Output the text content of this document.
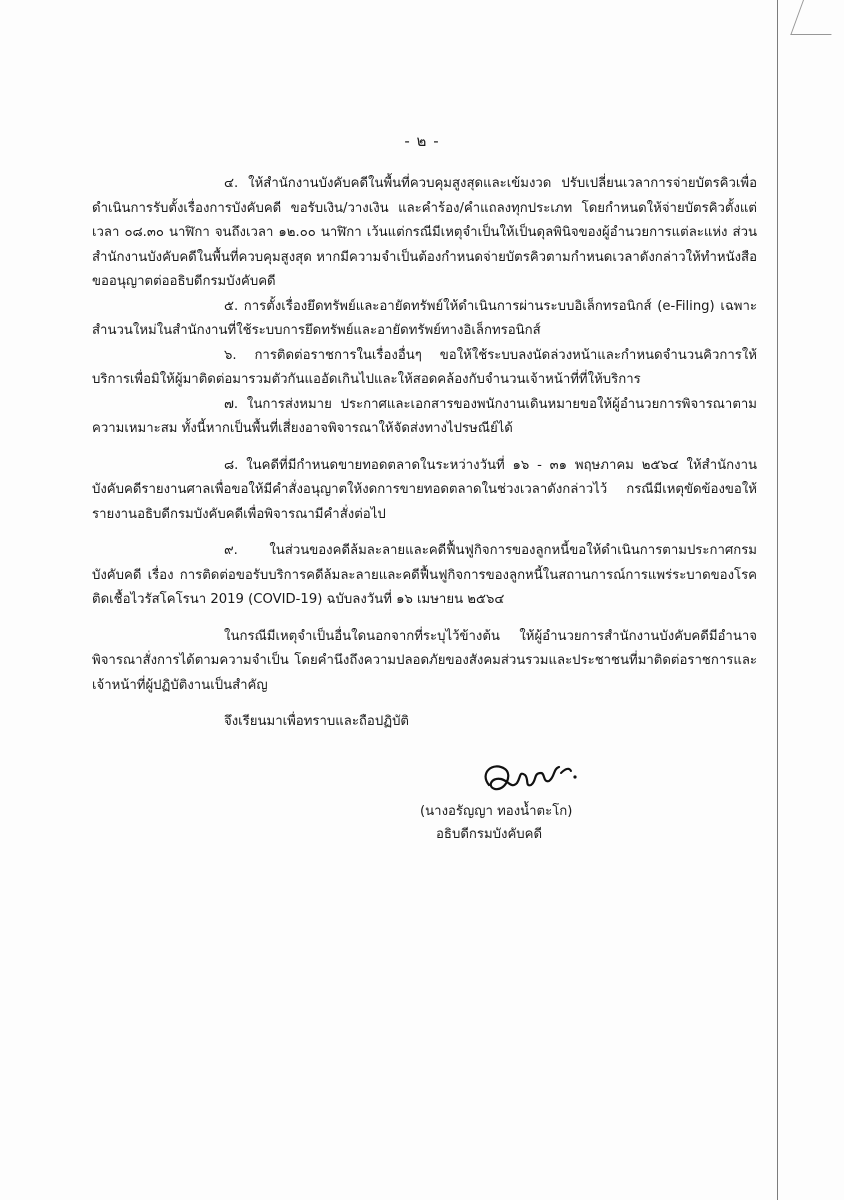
- ๒ -

๔. ให้สำนักงานบังคับคดีในพื้นที่ควบคุมสูงสุดและเข้มงวด ปรับเปลี่ยนเวลาการจ่ายบัตรคิวเพื่อดำเนินการรับตั้งเรื่องการบังคับคดี ขอรับเงิน/วางเงิน และคำร้อง/คำแถลงทุกประเภท โดยกำหนดให้จ่ายบัตรคิวตั้งแต่เวลา ๐๘.๓๐ นาฬิกา จนถึงเวลา ๑๒.๐๐ นาฬิกา เว้นแต่กรณีมีเหตุจำเป็นให้เป็นดุลพินิจของผู้อำนวยการแต่ละแห่ง ส่วนสำนักงานบังคับคดีในพื้นที่ควบคุมสูงสุด หากมีความจำเป็นต้องกำหนดจ่ายบัตรคิวตามกำหนดเวลาดังกล่าวให้ทำหนังสือขออนุญาตต่ออธิบดีกรมบังคับคดี

๕. การตั้งเรื่องยึดทรัพย์และอายัดทรัพย์ให้ดำเนินการผ่านระบบอิเล็กทรอนิกส์ (e-Filing) เฉพาะสำนวนใหม่ในสำนักงานที่ใช้ระบบการยึดทรัพย์และอายัดทรัพย์ทางอิเล็กทรอนิกส์

๖. การติดต่อราชการในเรื่องอื่นๆ ขอให้ใช้ระบบลงนัดล่วงหน้าและกำหนดจำนวนคิวการให้บริการเพื่อมิให้ผู้มาติดต่อมารวมตัวกันแออัดเกินไปและให้สอดคล้องกับจำนวนเจ้าหน้าที่ที่ให้บริการ

๗. ในการส่งหมาย ประกาศและเอกสารของพนักงานเดินหมายขอให้ผู้อำนวยการพิจารณาตามความเหมาะสม ทั้งนี้หากเป็นพื้นที่เสี่ยงอาจพิจารณาให้จัดส่งทางไปรษณีย์ได้

๘. ในคดีที่มีกำหนดขายทอดตลาดในระหว่างวันที่ ๑๖ - ๓๑ พฤษภาคม ๒๕๖๔ ให้สำนักงานบังคับคดีรายงานศาลเพื่อขอให้มีคำสั่งอนุญาตให้งดการขายทอดตลาดในช่วงเวลาดังกล่าวไว้ กรณีมีเหตุขัดข้องขอให้รายงานอธิบดีกรมบังคับคดีเพื่อพิจารณามีคำสั่งต่อไป

๙. ในส่วนของคดีล้มละลายและคดีฟื้นฟูกิจการของลูกหนี้ขอให้ดำเนินการตามประกาศกรมบังคับคดี เรื่อง การติดต่อขอรับบริการคดีล้มละลายและคดีฟื้นฟูกิจการของลูกหนี้ในสถานการณ์การแพร่ระบาดของโรคติดเชื้อไวรัสโคโรนา 2019 (COVID-19) ฉบับลงวันที่ ๑๖ เมษายน ๒๕๖๔

ในกรณีมีเหตุจำเป็นอื่นใดนอกจากที่ระบุไว้ข้างต้น ให้ผู้อำนวยการสำนักงานบังคับคดีมีอำนาจพิจารณาสั่งการได้ตามความจำเป็น โดยคำนึงถึงความปลอดภัยของสังคมส่วนรวมและประชาชนที่มาติดต่อราชการและเจ้าหน้าที่ผู้ปฏิบัติงานเป็นสำคัญ

จึงเรียนมาเพื่อทราบและถือปฏิบัติ

(นางอรัญญา ทองน้ำตะโก)
อธิบดีกรมบังคับคดี
